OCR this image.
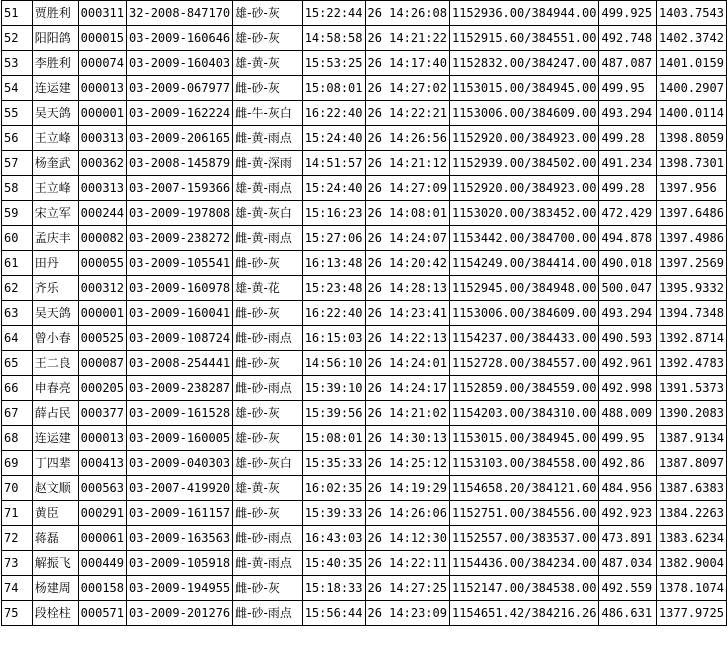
51	贾胜利	000311	32-2008-847170	雄-砂-灰	15:22:44	26 14:26:08	1152936.00/384944.00	499.925	1403.7543
52	阳阳鸽	000015	03-2009-160646	雄-砂-灰	14:58:58	26 14:21:22	1152915.60/384551.00	492.748	1402.3742
53	李胜利	000074	03-2009-160403	雄-黄-灰	15:53:25	26 14:17:40	1152832.00/384247.00	487.087	1401.0159
54	连运建	000013	03-2009-067977	雌-砂-灰	15:08:01	26 14:27:02	1153015.00/384945.00	499.95	1400.2907
55	吴天鸽	000001	03-2009-162224	雌-牛-灰白	16:22:40	26 14:22:21	1153006.00/384609.00	493.294	1400.0114
56	王立峰	000313	03-2009-206165	雌-黄-雨点	15:24:40	26 14:26:56	1152920.00/384923.00	499.28	1398.8059
57	杨奎武	000362	03-2008-145879	雌-黄-深雨	14:51:57	26 14:21:12	1152939.00/384502.00	491.234	1398.7301
58	王立峰	000313	03-2007-159366	雄-黄-雨点	15:24:40	26 14:27:09	1152920.00/384923.00	499.28	1397.956
59	宋立军	000244	03-2009-197808	雄-黄-灰白	15:16:23	26 14:08:01	1153020.00/383452.00	472.429	1397.6486
60	孟庆丰	000082	03-2009-238272	雌-黄-雨点	15:27:06	26 14:24:07	1153442.00/384700.00	494.878	1397.4986
61	田丹	000055	03-2009-105541	雌-砂-灰	16:13:48	26 14:20:42	1154249.00/384414.00	490.018	1397.2569
62	齐乐	000312	03-2009-160978	雄-黄-花	15:23:48	26 14:28:13	1152945.00/384948.00	500.047	1395.9332
63	吴天鸽	000001	03-2009-160041	雌-砂-灰	16:22:40	26 14:23:41	1153006.00/384609.00	493.294	1394.7348
64	曾小春	000525	03-2009-108724	雌-砂-雨点	16:15:03	26 14:22:13	1154237.00/384433.00	490.593	1392.8714
65	王二良	000087	03-2008-254441	雌-砂-灰	14:56:10	26 14:24:01	1152728.00/384557.00	492.961	1392.4783
66	申春亮	000205	03-2009-238287	雌-砂-雨点	15:39:10	26 14:24:17	1152859.00/384559.00	492.998	1391.5373
67	薛占民	000377	03-2009-161528	雄-砂-灰	15:39:56	26 14:21:02	1154203.00/384310.00	488.009	1390.2083
68	连运建	000013	03-2009-160005	雄-砂-灰	15:08:01	26 14:30:13	1153015.00/384945.00	499.95	1387.9134
69	丁四辈	000413	03-2009-040303	雄-砂-灰白	15:35:33	26 14:25:12	1153103.00/384558.00	492.86	1387.8097
70	赵文顺	000563	03-2007-419920	雄-黄-灰	16:02:35	26 14:19:29	1154658.20/384121.60	484.956	1387.6383
71	黄臣	000291	03-2009-161157	雌-砂-灰	15:39:33	26 14:26:06	1152751.00/384556.00	492.923	1384.2263
72	蒋磊	000061	03-2009-163563	雌-砂-雨点	16:43:03	26 14:12:30	1152557.00/383537.00	473.891	1383.6234
73	解振飞	000449	03-2009-105918	雌-黄-雨点	15:40:35	26 14:22:11	1154436.00/384234.00	487.034	1382.9004
74	杨建周	000158	03-2009-194955	雌-砂-灰	15:18:33	26 14:27:25	1152147.00/384538.00	492.559	1378.1074
75	段栓柱	000571	03-2009-201276	雌-砂-雨点	15:56:44	26 14:23:09	1154651.42/384216.26	486.631	1377.9725
